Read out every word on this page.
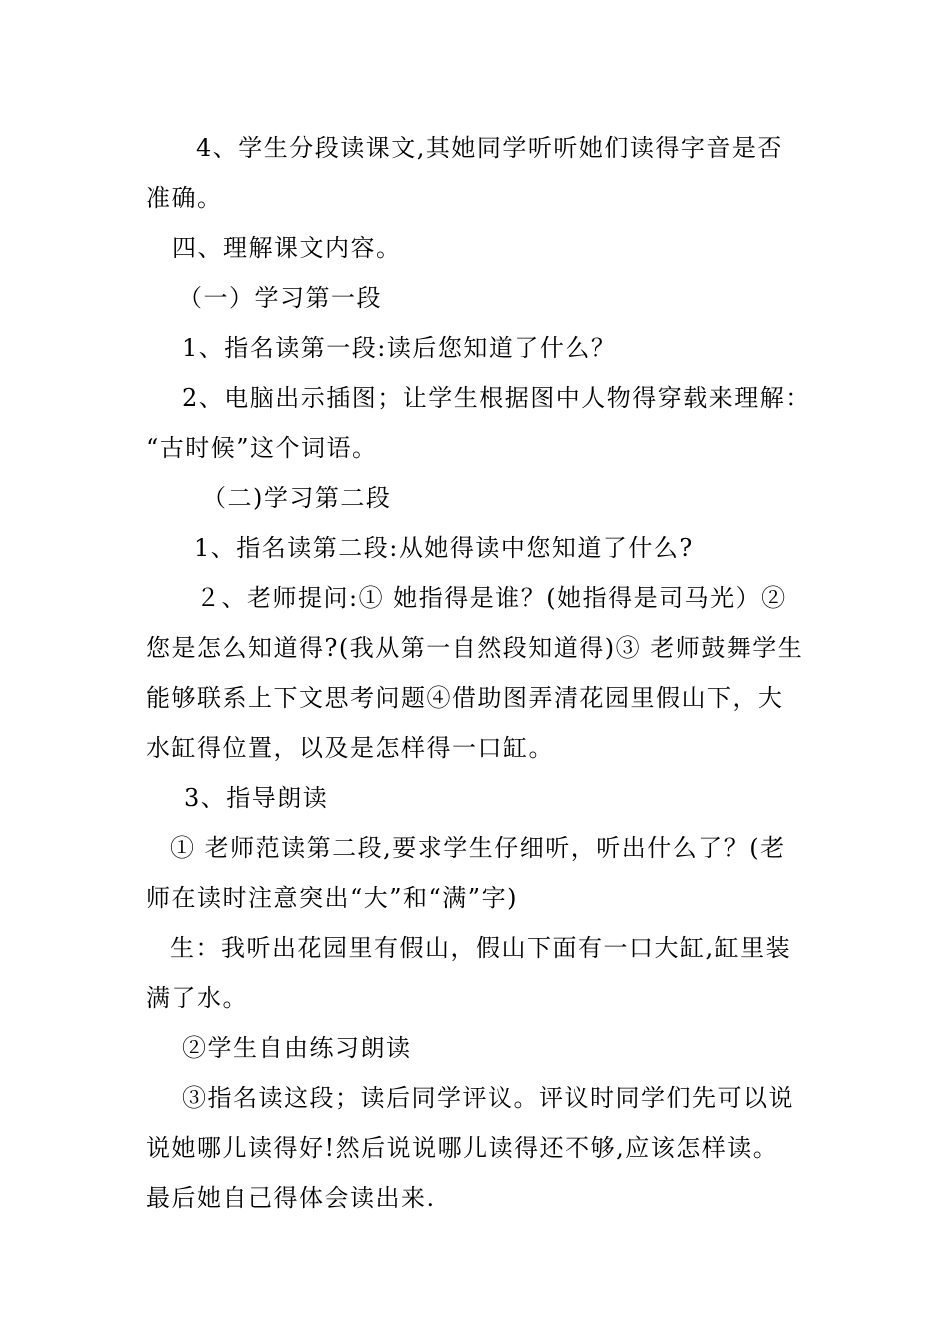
4、学生分段读课文,其她同学听听她们读得字音是否
准确。
四、理解课文内容。
（一）学习第一段
1、指名读第一段:读后您知道了什么？
2、电脑出示插图；让学生根据图中人物得穿载来理解：
“古时候”这个词语。
（二)学习第二段
1、指名读第二段:从她得读中您知道了什么?
２、老师提问:① 她指得是谁？(她指得是司马光）②
您是怎么知道得?(我从第一自然段知道得)③ 老师鼓舞学生
能够联系上下文思考问题④借助图弄清花园里假山下，大
水缸得位置，以及是怎样得一口缸。
3、指导朗读
① 老师范读第二段,要求学生仔细听，听出什么了？(老
师在读时注意突出“大”和“满”字)
生：我听出花园里有假山，假山下面有一口大缸,缸里装
满了水。
②学生自由练习朗读
③指名读这段；读后同学评议。评议时同学们先可以说
说她哪儿读得好!然后说说哪儿读得还不够,应该怎样读。
最后她自己得体会读出来.
